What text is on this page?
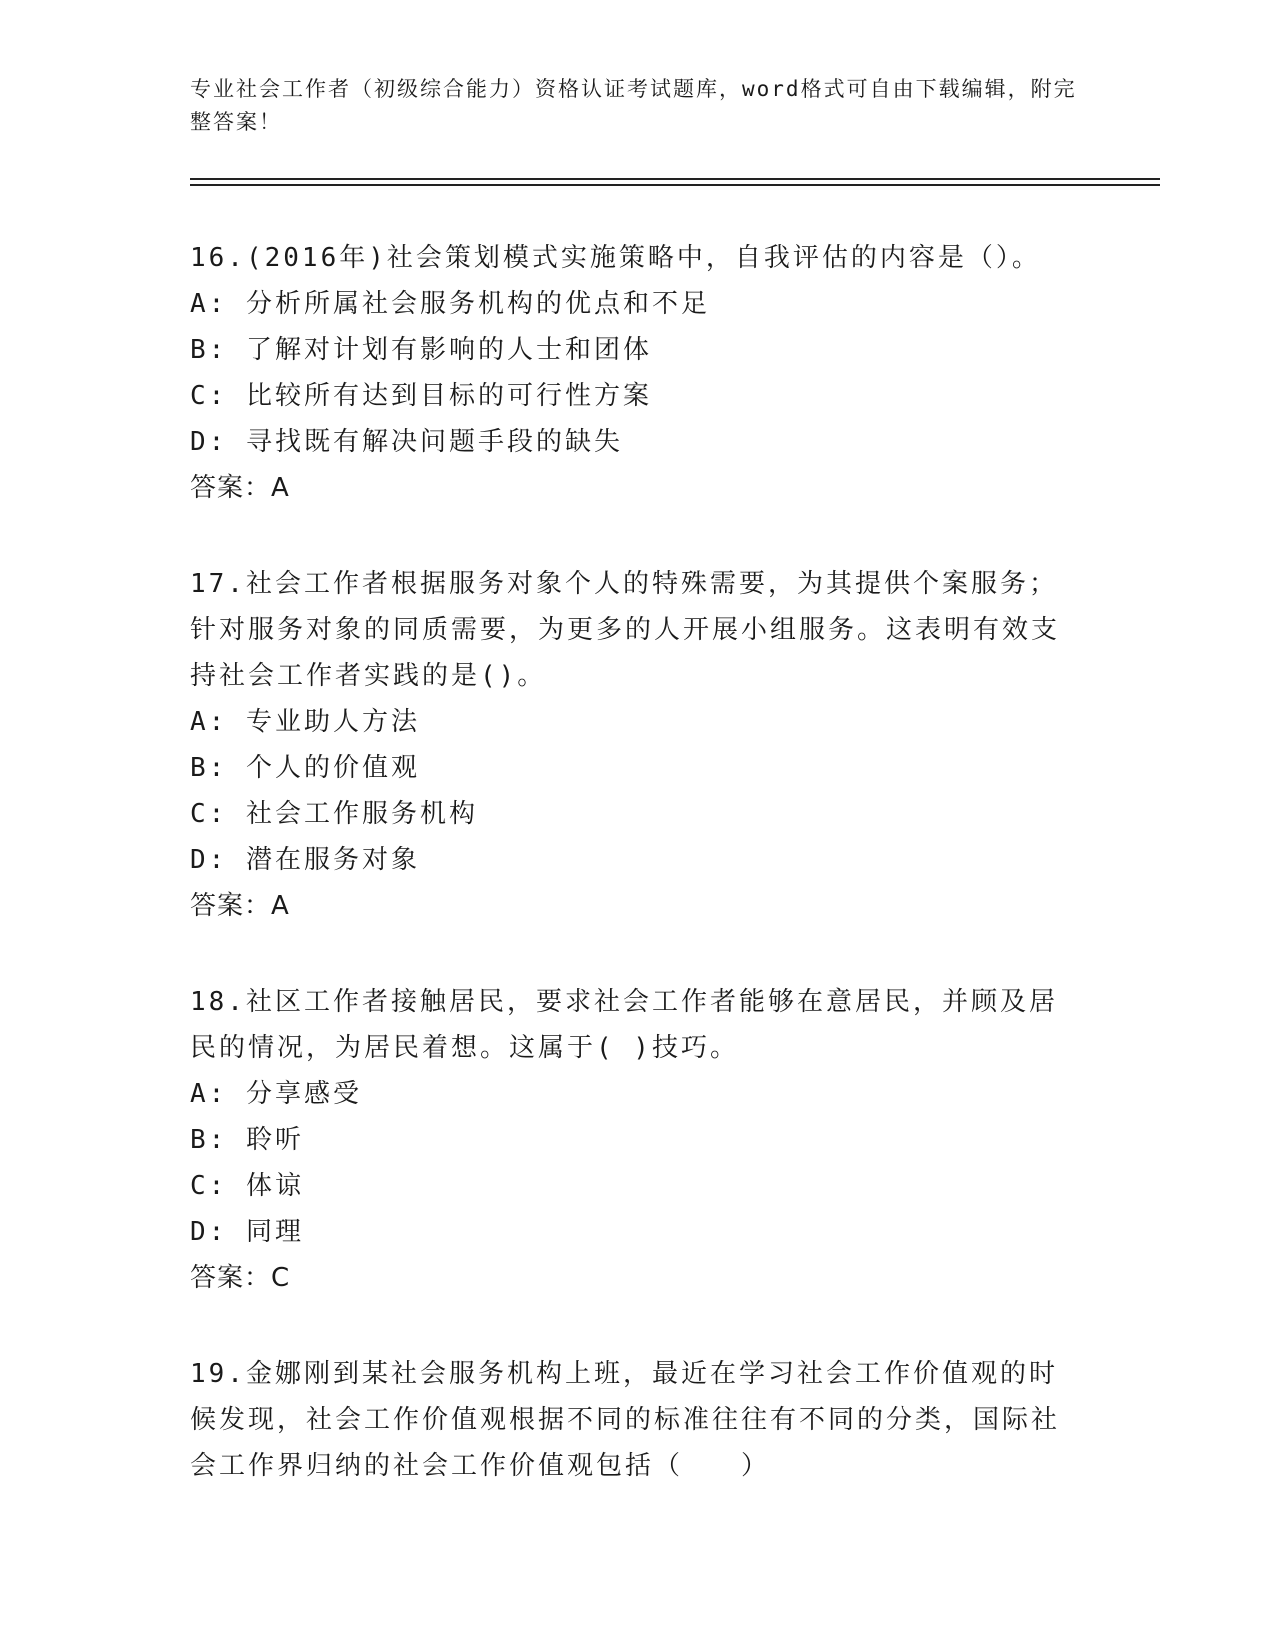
专业社会工作者（初级综合能力）资格认证考试题库，word格式可自由下载编辑，附完整答案！

16.(2016年)社会策划模式实施策略中，自我评估的内容是（）。

A: 分析所属社会服务机构的优点和不足

B: 了解对计划有影响的人士和团体

C: 比较所有达到目标的可行性方案

D: 寻找既有解决问题手段的缺失

答案：A

17.社会工作者根据服务对象个人的特殊需要，为其提供个案服务；针对服务对象的同质需要，为更多的人开展小组服务。这表明有效支持社会工作者实践的是()。

A: 专业助人方法

B: 个人的价值观

C: 社会工作服务机构

D: 潜在服务对象

答案：A

18.社区工作者接触居民，要求社会工作者能够在意居民，并顾及居民的情况，为居民着想。这属于( )技巧。

A: 分享感受

B: 聆听

C: 体谅

D: 同理

答案：C

19.金娜刚到某社会服务机构上班，最近在学习社会工作价值观的时候发现，社会工作价值观根据不同的标准往往有不同的分类，国际社会工作界归纳的社会工作价值观包括（　　）
